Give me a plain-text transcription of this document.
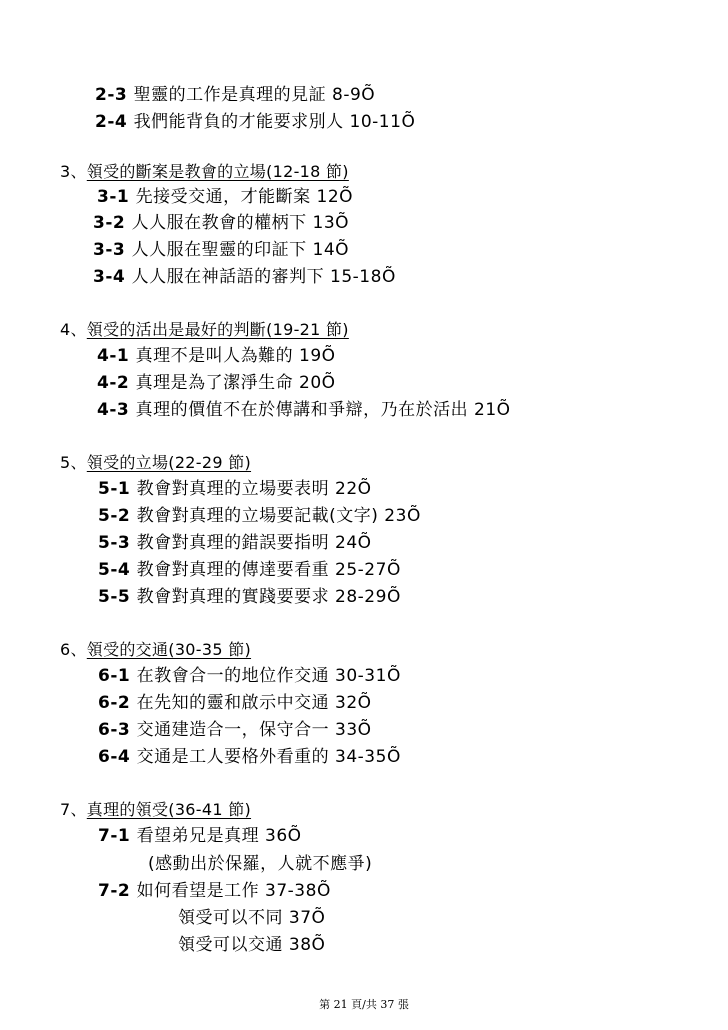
2-3 聖靈的工作是真理的見証 8-9Õ
2-4 我們能背負的才能要求別人 10-11Õ
3、領受的斷案是教會的立場(12-18 節)
3-1 先接受交通，才能斷案 12Õ
3-2 人人服在教會的權柄下 13Õ
3-3 人人服在聖靈的印証下 14Õ
3-4 人人服在神話語的審判下 15-18Õ
4、領受的活出是最好的判斷(19-21 節)
4-1 真理不是叫人為難的 19Õ
4-2 真理是為了潔淨生命 20Õ
4-3 真理的價值不在於傳講和爭辯，乃在於活出 21Õ
5、領受的立場(22-29 節)
5-1 教會對真理的立場要表明 22Õ
5-2 教會對真理的立場要記載(文字) 23Õ
5-3 教會對真理的錯誤要指明 24Õ
5-4 教會對真理的傳達要看重 25-27Õ
5-5 教會對真理的實踐要要求 28-29Õ
6、領受的交通(30-35 節)
6-1 在教會合一的地位作交通 30-31Õ
6-2 在先知的靈和啟示中交通 32Õ
6-3 交通建造合一，保守合一 33Õ
6-4 交通是工人要格外看重的 34-35Õ
7、真理的領受(36-41 節)
7-1 看望弟兄是真理 36Õ
(感動出於保羅，人就不應爭)
7-2 如何看望是工作 37-38Õ
領受可以不同 37Õ
領受可以交通 38Õ
第 21 頁/共 37 張
